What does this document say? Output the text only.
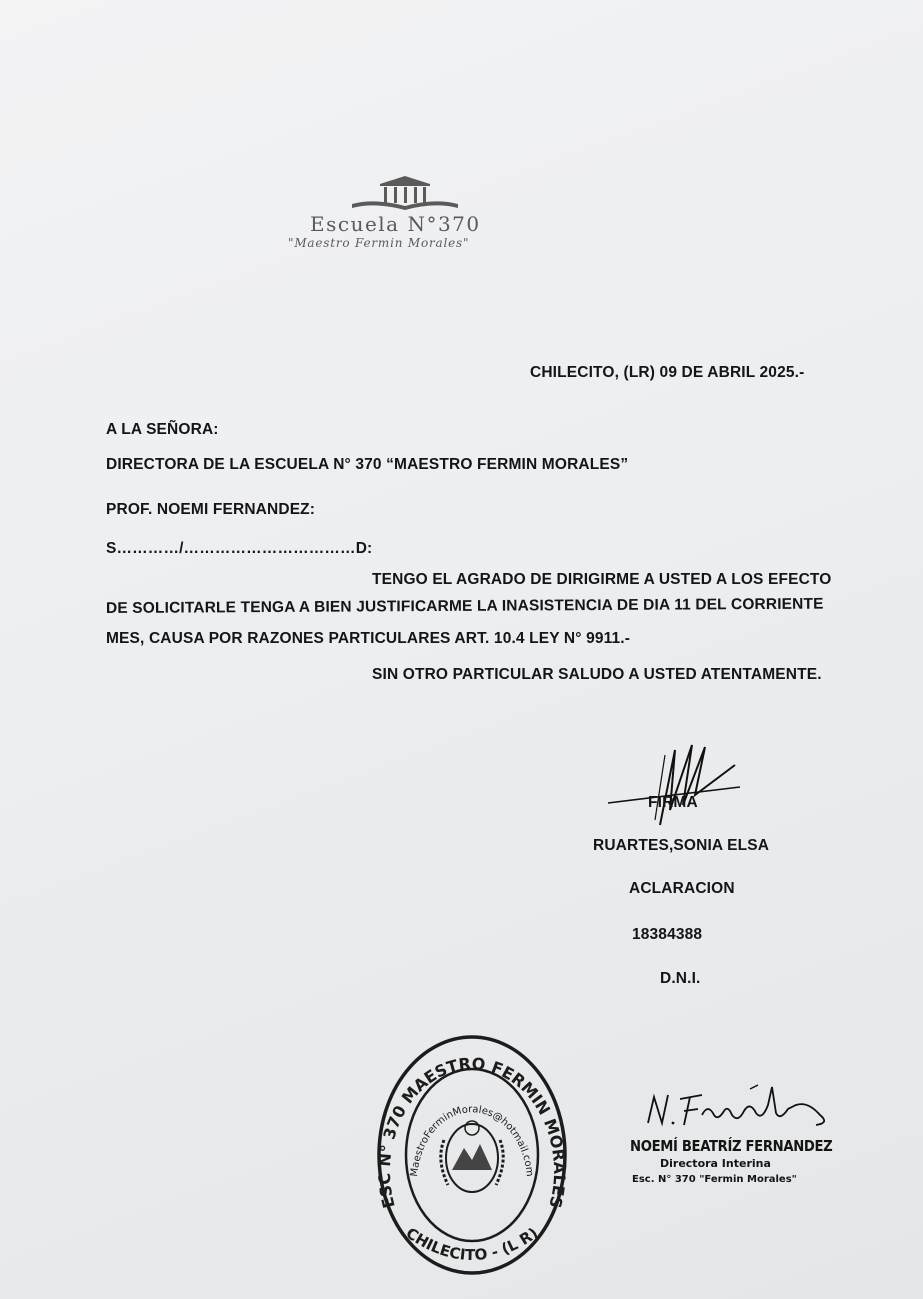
Escuela N°370
"Maestro Fermin Morales"
CHILECITO, (LR) 09 DE ABRIL 2025.-
A LA SEÑORA:
DIRECTORA DE LA ESCUELA N° 370 “MAESTRO FERMIN MORALES”
PROF. NOEMI FERNANDEZ:
S…………/……………………………D:
TENGO EL AGRADO DE DIRIGIRME A USTED A LOS EFECTO
DE SOLICITARLE TENGA A BIEN JUSTIFICARME LA INASISTENCIA DE DIA 11 DEL CORRIENTE
MES, CAUSA POR RAZONES PARTICULARES ART. 10.4 LEY N° 9911.-
SIN OTRO PARTICULAR SALUDO A USTED ATENTAMENTE.
FIRMA
RUARTES,SONIA ELSA
ACLARACION
18384388
D.N.I.
ESC N° 370 MAESTRO FERMIN MORALES
CHILECITO - (L R)
MaestroFerminMorales@hotmail.com
NOEMÍ BEATRÍZ FERNANDEZ
Directora Interina
Esc. N° 370 "Fermin Morales"
